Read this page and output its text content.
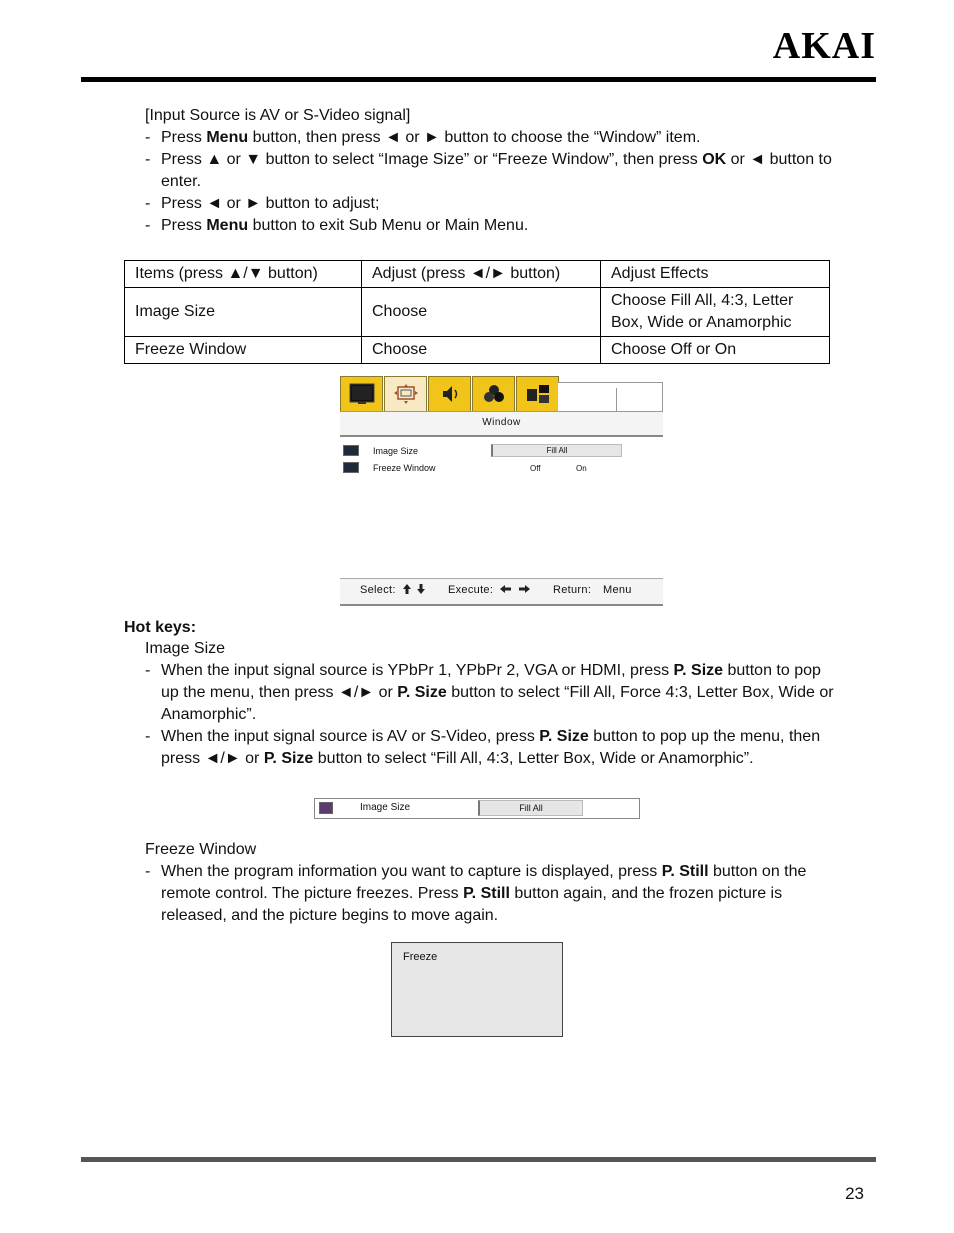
AKAI
[Input Source is AV or S-Video signal]
- Press Menu button, then press ◄ or ► button to choose the “Window” item.
- Press ▲ or ▼ button to select “Image Size” or “Freeze Window”, then press OK or ◄ button to enter.
- Press ◄ or ► button to adjust;
- Press Menu button to exit Sub Menu or Main Menu.
Items (press ▲/▼ button)	Adjust (press ◄/► button)	Adjust Effects
Image Size	Choose	Choose Fill All, 4:3, Letter Box, Wide or Anamorphic
Freeze Window	Choose	Choose Off or On
Window
Image Size	Fill All
Freeze Window	Off	On
Select:	Execute:	Return: Menu
Hot keys:
Image Size
- When the input signal source is YPbPr 1, YPbPr 2, VGA or HDMI, press P. Size button to pop up the menu, then press ◄/► or P. Size button to select “Fill All, Force 4:3, Letter Box, Wide or Anamorphic”.
- When the input signal source is AV or S-Video, press P. Size button to pop up the menu, then press ◄/► or P. Size button to select “Fill All, 4:3, Letter Box, Wide or Anamorphic”.
Image Size	Fill All
Freeze Window
- When the program information you want to capture is displayed, press P. Still button on the remote control. The picture freezes. Press P. Still button again, and the frozen picture is released, and the picture begins to move again.
Freeze
23
